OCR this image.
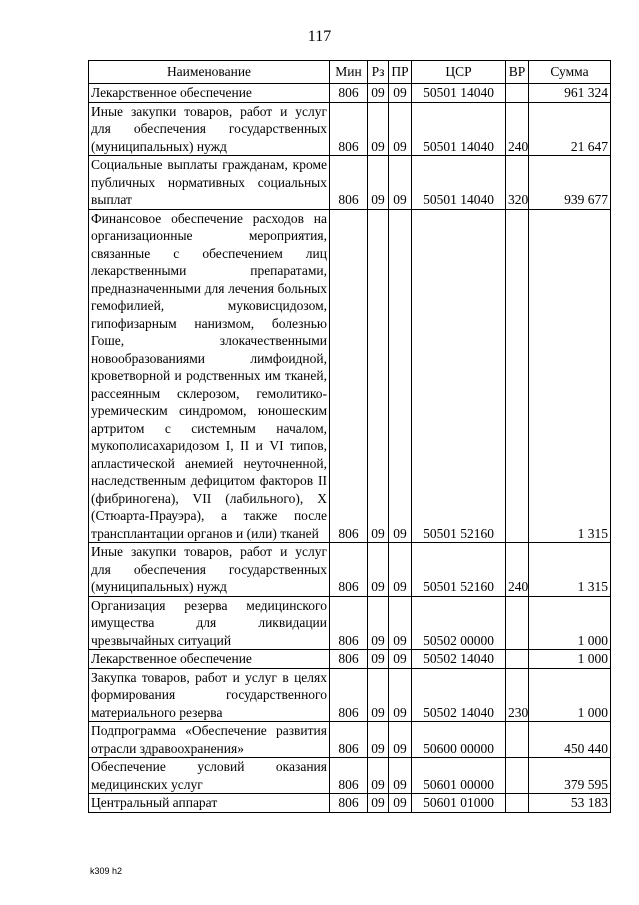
117
Наименование	Мин	Рз	ПР	ЦСР	ВР	Сумма
Лекарственное обеспечение	806	09	09	50501 14040		961 324
Иные закупки товаров, работ и услуг для обеспечения государственных (муниципальных) нужд	806	09	09	50501 14040	240	21 647
Социальные выплаты гражданам, кроме публичных нормативных социальных выплат	806	09	09	50501 14040	320	939 677
Финансовое обеспечение расходов на организационные мероприятия, связанные с обеспечением лиц лекарственными препаратами, предназначенными для лечения больных гемофилией, муковисцидозом, гипофизарным нанизмом, болезнью Гоше, злокачественными новообразованиями лимфоидной, кроветворной и родственных им тканей, рассеянным склерозом, гемолитико-уремическим синдромом, юношеским артритом с системным началом, мукополисахаридозом I, II и VI типов, апластической анемией неуточненной, наследственным дефицитом факторов II (фибриногена), VII (лабильного), X (Стюарта-Прауэра), а также после трансплантации органов и (или) тканей	806	09	09	50501 52160		1 315
Иные закупки товаров, работ и услуг для обеспечения государственных (муниципальных) нужд	806	09	09	50501 52160	240	1 315
Организация резерва медицинского имущества для ликвидации чрезвычайных ситуаций	806	09	09	50502 00000		1 000
Лекарственное обеспечение	806	09	09	50502 14040		1 000
Закупка товаров, работ и услуг в целях формирования государственного материального резерва	806	09	09	50502 14040	230	1 000
Подпрограмма «Обеспечение развития отрасли здравоохранения»	806	09	09	50600 00000		450 440
Обеспечение условий оказания медицинских услуг	806	09	09	50601 00000		379 595
Центральный аппарат	806	09	09	50601 01000		53 183
k309 h2
